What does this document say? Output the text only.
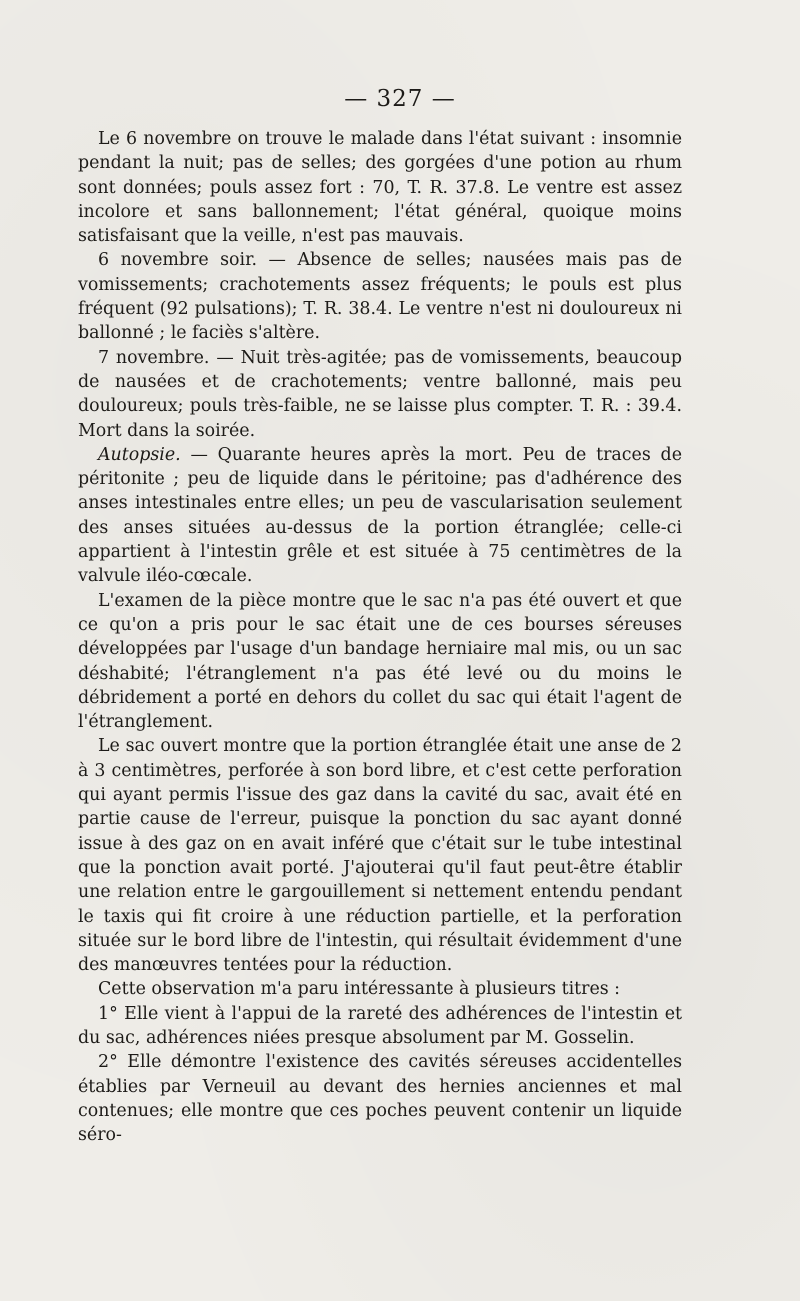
— 327 —

Le 6 novembre on trouve le malade dans l'état suivant : insomnie pendant la nuit; pas de selles; des gorgées d'une potion au rhum sont données; pouls assez fort : 70, T. R. 37.8. Le ventre est assez incolore et sans ballonnement; l'état général, quoique moins satisfaisant que la veille, n'est pas mauvais.

6 novembre soir. — Absence de selles; nausées mais pas de vomissements; crachotements assez fréquents; le pouls est plus fréquent (92 pulsations); T. R. 38.4. Le ventre n'est ni douloureux ni ballonné ; le faciès s'altère.

7 novembre. — Nuit très-agitée; pas de vomissements, beaucoup de nausées et de crachotements; ventre ballonné, mais peu douloureux; pouls très-faible, ne se laisse plus compter. T. R. : 39.4. Mort dans la soirée.

Autopsie. — Quarante heures après la mort. Peu de traces de péritonite ; peu de liquide dans le péritoine; pas d'adhérence des anses intestinales entre elles; un peu de vascularisation seulement des anses situées au-dessus de la portion étranglée; celle-ci appartient à l'intestin grêle et est située à 75 centimètres de la valvule iléo-cœcale.

L'examen de la pièce montre que le sac n'a pas été ouvert et que ce qu'on a pris pour le sac était une de ces bourses séreuses développées par l'usage d'un bandage herniaire mal mis, ou un sac déshabité; l'étranglement n'a pas été levé ou du moins le débridement a porté en dehors du collet du sac qui était l'agent de l'étranglement.

Le sac ouvert montre que la portion étranglée était une anse de 2 à 3 centimètres, perforée à son bord libre, et c'est cette perforation qui ayant permis l'issue des gaz dans la cavité du sac, avait été en partie cause de l'erreur, puisque la ponction du sac ayant donné issue à des gaz on en avait inféré que c'était sur le tube intestinal que la ponction avait porté. J'ajouterai qu'il faut peut-être établir une relation entre le gargouillement si nettement entendu pendant le taxis qui fit croire à une réduction partielle, et la perforation située sur le bord libre de l'intestin, qui résultait évidemment d'une des manœuvres tentées pour la réduction.

Cette observation m'a paru intéressante à plusieurs titres :

1° Elle vient à l'appui de la rareté des adhérences de l'intestin et du sac, adhérences niées presque absolument par M. Gosselin.

2° Elle démontre l'existence des cavités séreuses accidentelles établies par Verneuil au devant des hernies anciennes et mal contenues; elle montre que ces poches peuvent contenir un liquide séro-
